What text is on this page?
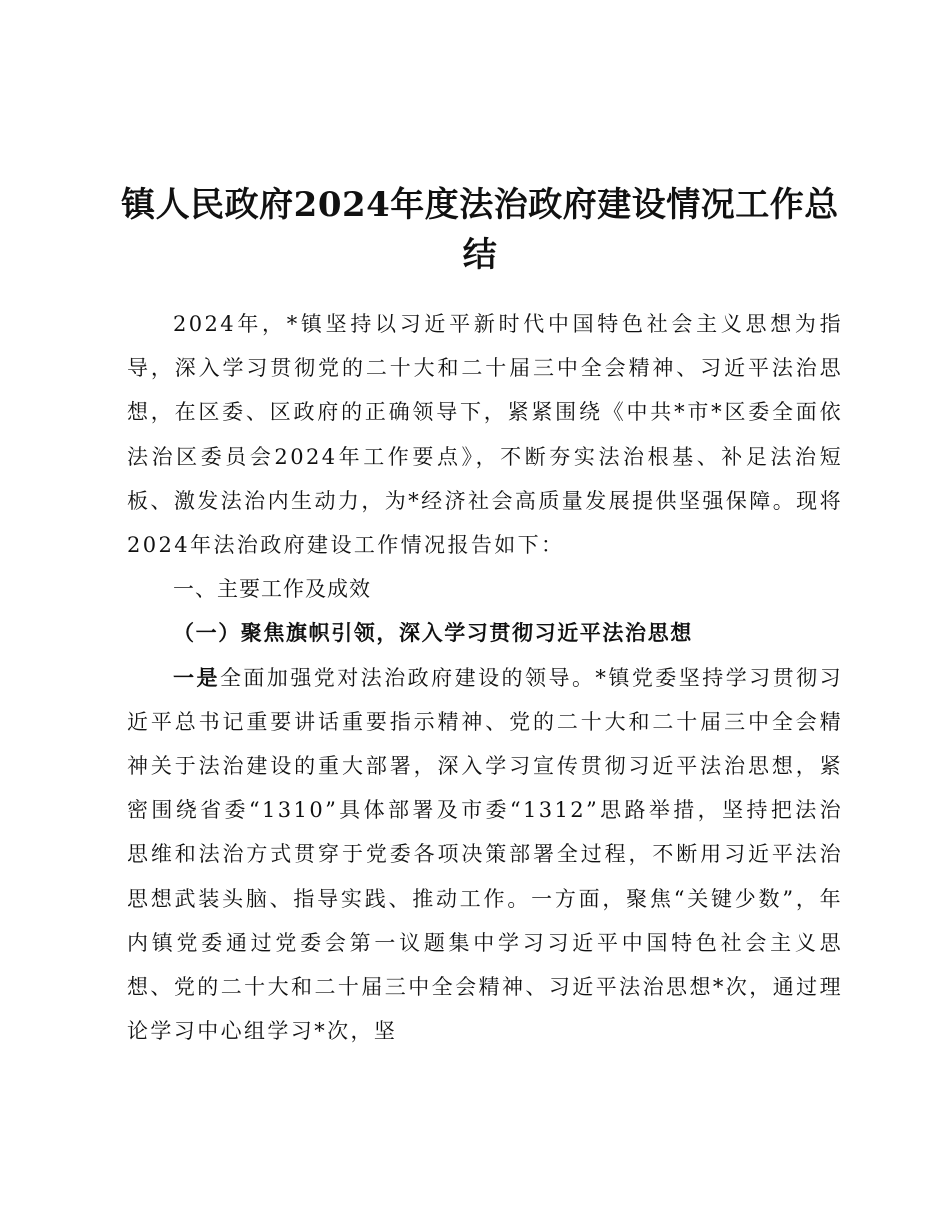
镇人民政府2024年度法治政府建设情况工作总结

2024年，*镇坚持以习近平新时代中国特色社会主义思想为指导，深入学习贯彻党的二十大和二十届三中全会精神、习近平法治思想，在区委、区政府的正确领导下，紧紧围绕《中共*市*区委全面依法治区委员会2024年工作要点》，不断夯实法治根基、补足法治短板、激发法治内生动力，为*经济社会高质量发展提供坚强保障。现将2024年法治政府建设工作情况报告如下：

一、主要工作及成效

（一）聚焦旗帜引领，深入学习贯彻习近平法治思想

一是全面加强党对法治政府建设的领导。*镇党委坚持学习贯彻习近平总书记重要讲话重要指示精神、党的二十大和二十届三中全会精神关于法治建设的重大部署，深入学习宣传贯彻习近平法治思想，紧密围绕省委“1310”具体部署及市委“1312”思路举措，坚持把法治思维和法治方式贯穿于党委各项决策部署全过程，不断用习近平法治思想武装头脑、指导实践、推动工作。一方面，聚焦“关键少数”，年内镇党委通过党委会第一议题集中学习习近平中国特色社会主义思想、党的二十大和二十届三中全会精神、习近平法治思想*次，通过理论学习中心组学习*次，坚
